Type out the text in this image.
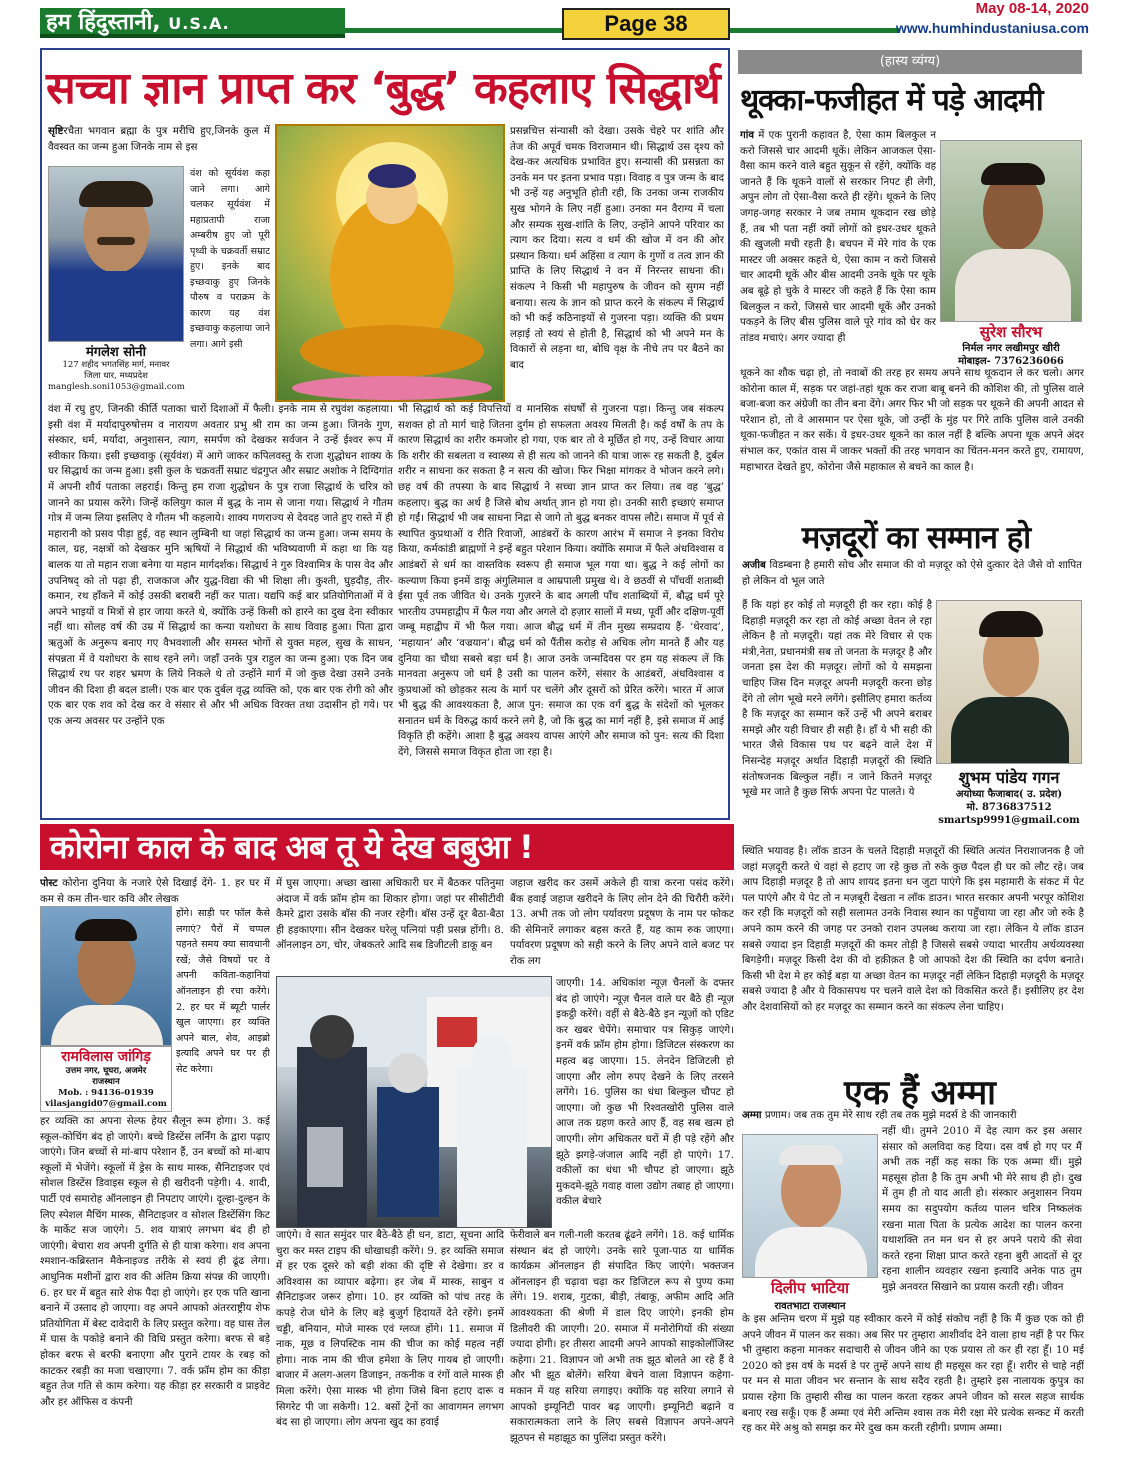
हम हिंदुस्तानी, U.S.A.	Page 38
May 08-14, 2020
www.humhindustaniusa.com
सच्चा ज्ञान प्राप्त कर ‘बुद्ध’ कहलाए सिद्धार्थ
सृष्टिरचैता भगवान ब्रह्मा के पुत्र मरीचि हुए,जिनके कुल में वैवस्वत का जन्म हुआ जिनके नाम से इस
मंगलेश सोनी
127 शहीद भगतसिंह मार्ग, मनावर
जिला धार, मध्यप्रदेश
manglesh.soni1053@gmail.com
वंश को सूर्यवंश कहा जाने लगा। आगे चलकर सूर्यवंश में महाप्रतापी राजा अम्बरीष हुए जो पूरी पृथ्वी के चक्रवर्ती सम्राट हुए। इनके बाद इच्छवाकु हुए जिनके पौरुष व पराक्रम के कारण यह वंश इच्छवाकु कहलाया जाने लगा। आगे इसी
प्रसन्नचित्त संन्यासी को देखा। उसके चेहरे पर शांति और तेज की अपूर्व चमक विराजमान थी। सिद्धार्थ उस दृश्य को देख-कर अत्यधिक प्रभावित हुए। सन्यासी की प्रसन्नता का उनके मन पर इतना प्रभाव पड़ा। विवाह व पुत्र जन्म के बाद भी उन्हें यह अनुभूति होती रही, कि उनका जन्म राजकीय सुख भोगने के लिए नहीं हुआ। उनका मन वैराग्य में चला और सम्यक सुख-शांति के लिए, उन्होंने आपने परिवार का त्याग कर दिया। सत्य व धर्म की खोज में वन की ओर प्रस्थान किया। धर्म अहिंसा व त्याग के गुणों व तत्व ज्ञान की प्राप्ति के लिए सिद्धार्थ ने वन में निरन्तर साधना की। संकल्प ने किसी भी महापुरुष के जीवन को सुगम नहीं बनाया। सत्य के ज्ञान को प्राप्त करने के संकल्प में सिद्धार्थ को भी कई कठिनाइयों से गुजरना पड़ा। व्यक्ति की प्रथम लड़ाई तो स्वयं से होती है, सिद्धार्थ को भी अपने मन के विकारों से लड़ना था, बोधि वृक्ष के नीचे तप पर बैठने का बाद
वंश में रघु हुए, जिनकी कीर्ति पताका चारों दिशाओं में फैली। इनके नाम से रघुवंश कहलाया। इसी वंश में मर्यादापुरुषोत्तम व नारायण अवतार प्रभु श्री राम का जन्म हुआ। जिनके गुण, संस्कार, धर्म, मर्यादा, अनुशासन, त्याग, समर्पण को देखकर सर्वजन ने उन्हें ईश्वर रूप में स्वीकार किया। इसी इच्छवाकु (सूर्यवंश) में आगे जाकर कपिलवस्तु के राजा शुद्धोधन शाक्य के घर सिद्धार्थ का जन्म हुआ। इसी कुल के चक्रवर्ती सम्राट चंद्रगुप्त और सम्राट अशोक ने दिग्दिगांत में अपनी शौर्य पताका लहराई। किन्तु हम राजा शुद्धोधन के पुत्र राजा सिद्धार्थ के चरित्र को जानने का प्रयास करेंगे। जिन्हें कलियुग काल में बुद्ध के नाम से जाना गया। सिद्धार्थ ने गौतम गोत्र में जन्म लिया इसलिए वे गौतम भी कहलाये। शाक्य गणराज्य से देवदह जाते हुए रास्ते में ही महारानी को प्रसव पीड़ा हुई, वह स्थान लुम्बिनी था जहां सिद्धार्थ का जन्म हुआ। जन्म समय के काल, ग्रह, नक्षत्रों को देखकर मुनि ऋषियों ने सिद्धार्थ की भविष्यवाणी में कहा था कि यह बालक या तो महान राजा बनेगा या महान मार्गदर्शक। सिद्धार्थ ने गुरु विश्वामित्र के पास वेद और उपनिषद् को तो पढ़ा ही, राजकाज और युद्ध-विद्या की भी शिक्षा ली। कुश्ती, घुड़दौड़, तीर-कमान, रथ हाँकने में कोई उसकी बराबरी नहीं कर पाता। यद्यपि कई बार प्रतियोगिताओं में वे अपने भाइयों व मित्रों से हार जाया करते थे, क्योंकि उन्हें किसी को हारने का दुख देना स्वीकार नहीं था। सोलह वर्ष की उम्र में सिद्धार्थ का कन्या यशोधरा के साथ विवाह हुआ। पिता द्वारा ऋतुओं के अनुरूप बनाए गए वैभवशाली और समस्त भोगों से युक्त महल, सुख के साधन, संपन्नता में वे यशोधरा के साथ रहने लगे। जहाँ उनके पुत्र राहुल का जन्म हुआ। एक दिन जब सिद्धार्थ रथ पर शहर भ्रमण के लिये निकले थे तो उन्होंने मार्ग में जो कुछ देखा उसने उनके जीवन की दिशा ही बदल डाली। एक बार एक दुर्बल वृद्ध व्यक्ति को, एक बार एक रोगी को और एक बार एक शव को देख कर वे संसार से और भी अधिक विरक्त तथा उदासीन हो गये। पर एक अन्य अवसर पर उन्होंने एक
भी सिद्धार्थ को कई विपत्तियों व मानसिक संघर्षों से गुजरना पड़ा। किन्तु जब संकल्प सशक्त हो तो मार्ग चाहे जितना दुर्गम हो सफलता अवश्य मिलती है। कई वर्षों के तप के कारण सिद्धार्थ का शरीर कमजोर हो गया, एक बार तो वे मूर्छित हो गए, उन्हें विचार आया कि शरीर की सबलता व स्वास्थ्य से ही सत्य को जानने की यात्रा जारू रह सकती है, दुर्बल शरीर न साधना कर सकता है न सत्य की खोज। फिर भिक्षा मांगकर वे भोजन करने लगे। छह वर्ष की तपस्या के बाद सिद्धार्थ ने सच्चा ज्ञान प्राप्त कर लिया। तब वह ‘बुद्ध’ कहलाए। बुद्ध का अर्थ है जिसे बोध अर्थात् ज्ञान हो गया हो। उनकी सारी इच्छाएं समाप्त हो गईं। सिद्धार्थ भी जब साधना निद्रा से जागे तो बुद्ध बनकर वापस लौटे। समाज में पूर्व से स्थापित कुप्रथाओं व रीति रिवाजों, आडंबरों के कारण आरंभ में समाज ने इनका विरोध किया, कर्मकांडी ब्राह्मणों ने इन्हें बहुत परेशान किया। क्योंकि समाज में फैले अंधविश्वास व आडंबरों से धर्म का वास्तविक स्वरूप ही समाज भूल गया था। बुद्ध ने कई लोगों का कल्याण किया इनमें डाकू अंगुलिमाल व आम्रपाली प्रमुख थे। वे छठवीं से पाँचवीं शताब्दी ईसा पूर्व तक जीवित थे। उनके गुज़रने के बाद अगली पाँच शताब्दियों में, बौद्ध धर्म पूरे भारतीय उपमहाद्वीप में फैल गया और अगले दो हज़ार सालों में मध्य, पूर्वी और दक्षिण-पूर्वी जम्बू महाद्वीप में भी फैल गया। आज बौद्ध धर्म में तीन मुख्य सम्प्रदाय हैं- ‘थेरवाद’, ‘महायान’ और ‘वज्रयान’। बौद्ध धर्म को पैंतीस करोड़ से अधिक लोग मानते हैं और यह दुनिया का चौथा सबसे बड़ा धर्म है। आज उनके जन्मदिवस पर हम यह संकल्प लें कि मानवता अनुरूप जो धर्म है उसी का पालन करेंगे, संसार के आडंबरों, अंधविश्वास व कुप्रथाओं को छोड़कर सत्य के मार्ग पर चलेंगे और दूसरों को प्रेरित करेंगे। भारत में आज भी बुद्ध की आवश्यकता है, आज पुन: समाज का एक वर्ग बुद्ध के संदेशों को भूलकर सनातन धर्म के विरुद्ध कार्य करने लगे है, जो कि बुद्ध का मार्ग नहीं है, इसे समाज में आई विकृति ही कहेंगे। आशा है बुद्ध अवश्य वापस आएंगे और समाज को पुन: सत्य की दिशा देंगे, जिससे समाज विकृत होता जा रहा है।
(हास्य व्यंग्य)
थूक्का-फजीहत में पड़े आदमी
गांव में एक पुरानी कहावत है, ऐसा काम बिलकुल न करो जिससे चार आदमी थूकें। लेकिन आजकल ऐसा-वैसा काम करने वाले बहुत सुकून से रहेंगे, क्योंकि वह जानते हैं कि थूकने वालों से सरकार निपट ही लेगी, अपुन लोग तो ऐसा-वैसा करते ही रहेंगे। थूकने के लिए जगह-जगह सरकार ने जब तमाम थूकदान रख छोड़े हैं, तब भी पता नहीं क्यों लोगों को इधर-उधर थूकते की खुजली मची रहती है। बचपन में मेरे गांव के एक मास्टर जी अक्सर कहते थे, ऐसा काम न करो जिससे चार आदमी थूकें और बीस आदमी उनके थूके पर थूके अब बूढ़े हो चुके वे मास्टर जी कहते हैं कि ऐसा काम बिलकुल न करो, जिससे चार आदमी थूकें और उनको पकड़ने के लिए बीस पुलिस वाले पूरे गांव को घेर कर तांडव मचाएं। अगर ज्यादा ही	सुरेश सौरभ
निर्मल नगर लखीमपुर खीरी
मोबाइल- 7376236066
थूकने का शौक चढ़ा हो, तो नवाबों की तरह हर समय अपने साथ थूकदान ले कर चलो। अगर कोरोना काल में, सड़क पर जहां-तहां थूक कर राजा बाबू बनने की कोशिश की, तो पुलिस वाले बजा-बजा कर अंग्रेजी का तीन बना देंगे। अगर फिर भी जो सड़क पर थूकने की अपनी आदत से परेशान हो, तो वे आसमान पर ऐसा थूके, जो उन्हीं के मुंह पर गिरे ताकि पुलिस वाले उनकी थूका-फजीहत न कर सकें। ये इधर-उधर थूकने का काल नहीं है बल्कि अपना थूक अपने अंदर संभाल कर, एकांत वास में जाकर भक्तों की तरह भगवान का चिंतन-मनन करते हुए, रामायण, महाभारत देखते हुए, कोरोना जैसे महाकाल से बचने का काल है।
मज़दूरों का सम्मान हो
अजीब विडम्बना है हमारी सोच और समाज की वो मज़दूर को ऐसे दुत्कार देते जैसे वो शापित हो लेकिन वो भूल जाते
हैं कि यहां हर कोई तो मज़दूरी ही कर रहा। कोई है दिहाड़ी मज़दूरी कर रहा तो कोई अच्छा वेतन ले रहा लेकिन है तो मज़दूरी। यहां तक मेरे विचार से एक मंत्री,नेता, प्रधानमंत्री सब तो जनता के मज़दूर है और जनता इस देश की मज़दूर। लोगों को ये समझना चाहिए जिस दिन मज़दूर अपनी मज़दूरी करना छोड़ देंगे तो लोग भूखे मरने लगेंगे। इसीलिए हमारा कर्तव्य है कि मज़दूर का सम्मान करें उन्हें भी अपने बराबर समझे और यही विचार ही सही है। हाँ ये भी सही की भारत जैसे विकास पथ पर बढ़ने वाले देश में निसन्देह मज़दूर अर्थात दिहाड़ी मज़दूरों की स्थिति संतोषजनक बिल्कुल नहीं। न जाने कितने मज़दूर भूखे मर जाते है कुछ सिर्फ अपना पेट पालते। ये
शुभम पांडेय गगन
अयोध्या फैजाबाद( उ. प्रदेश)
मो. 8736837512
smartsp9991@gmail.com
स्थिति भयावह है। लॉक डाउन के चलते दिहाड़ी मज़दूरों की स्थिति अत्यंत निराशाजनक है जो जहां मज़दूरी करते थे वहां से हटाए जा रहे कुछ तो रुके कुछ पैदल ही घर को लौट रहे। जब आप दिहाड़ी मज़दूर है तो आप शायद इतना धन जुटा पाएंगे कि इस महामारी के संकट में पेट पल पाएंगे और ये पेट तो न मज़बूरी देखता न लॉक डाउन। भारत सरकार अपनी भरपूर कोशिश कर रही कि मज़दूरों को सही सलामत उनके निवास स्थान का पहुँचाया जा रहा और जो रुके है अपने काम करने की जगह पर उनको राशन उपलब्ध कराया जा रहा। लेकिन ये लॉक डाउन सबसे ज्यादा इन दिहाड़ी मज़दूरों की कमर तोड़ी है जिससे सबसे ज्यादा भारतीय अर्थव्यवस्था बिगड़ेगी। मज़दूर किसी देश की वो हक़ीक़त है जो आपको देश की स्थिति का दर्पण बनाते। किसी भी देश मे हर कोई बड़ा या अच्छा वेतन का मज़दूर नहीं लेकिन दिहाड़ी मज़दूरी के मज़दूर सबसे ज्यादा है और ये विकासपथ पर चलने वाले देश को विकसित करते हैं। इसीलिए हर देश और देशवासियों को हर मज़दूर का सम्मान करने का संकल्प लेना चाहिए।
एक हैं अम्मा
अम्मा प्रणाम। जब तक तुम मेरे साथ रही तब तक मुझे मदर्स डे की जानकारी
दिलीप भाटिया
रावतभाटा राजस्थान
नहीं थी। तुमने 2010 में देह त्याग कर इस असार संसार को अलविदा कह दिया। दस वर्ष हो गए पर मैं अभी तक नहीं कह सका कि एक अम्मा थीं। मुझे महसूस होता है कि तुम अभी भी मेरे साथ ही हो। दुख में तुम ही तो याद आती हो। संस्कार अनुशासन नियम समय का सदुपयोग कर्तव्य पालन चरित्र निष्कलंक रखना माता पिता के प्रत्येक आदेश का पालन करना यथाशक्ति तन मन धन से हर अपने पराये की सेवा करते रहना शिक्षा प्राप्त करते रहना बुरी आदतों से दूर रहना शालीन व्यवहार रखना इत्यादि अनेक पाठ तुम मुझे अनवरत सिखाने का प्रयास करती रही। जीवन
के इस अन्तिम चरण में मुझे यह स्वीकार करने में कोई संकोच नहीं है कि मैं कुछ एक को ही अपने जीवन में पालन कर सका। अब सिर पर तुम्हारा आशीर्वाद देने वाला हाथ नहीं है पर फिर भी तुम्हारा कहना मानकर सदाचारी से जीवन जीने का एक प्रयास तो कर ही रहा हूँ। 10 मई 2020 को इस वर्ष के मदर्स डे पर तुम्हें अपने साथ ही महसूस कर रहा हूँ। शरीर से चाहे नहीं पर मन से माता जीवन भर सन्तान के साथ सदैव रहती है। तुम्हारे इस नालायक कुपुत्र का प्रयास रहेगा कि तुम्हारी सीख का पालन करता रहकर अपने जीवन को सरल सहज सार्थक बनाए रख सकूँ। एक हैं अम्मा एवं मेरी अन्तिम श्वास तक मेरी रक्षा मेरे प्रत्येक सन्कट में करती रह कर मेरे अश्रु को समझ कर मेरे दुख कम करती रहीगी। प्रणाम अम्मा।
कोरोना काल के बाद अब तू ये देख बबुआ !
पोस्ट कोरोना दुनिया के नजारे ऐसे दिखाई देंगे- 1. हर घर में कम से कम तीन-चार कवि और लेखक
रामविलास जांगिड़
उत्तम नगर, घूघरा, अजमेर
राजस्थान
Mob. : 94136-01939
vilasjangid07@gmail.com
होंगे। साड़ी पर फॉल कैसे लगाएं? पैरों में चप्पल पहनते समय क्या सावधानी रखें; जैसे विषयों पर वे अपनी कविता-कहानियां ऑनलाइन ही रचा करेंगे। 2. हर घर में ब्यूटी पार्लर खुल जाएगा। हर व्यक्ति अपने बाल, शेव, आइब्रो इत्यादि अपने घर पर ही सेट करेगा।
हर व्यक्ति का अपना सेल्फ हेयर सैलून रूम होगा। 3. कई स्कूल-कोचिंग बंद हो जाएंगे। बच्चे डिस्टेंस लर्निंग के द्वारा पढ़ाए जाएंगे। जिन बच्चों से मां-बाप परेशान हैं, उन बच्चों को मां-बाप स्कूलों में भेजेंगे। स्कूलों में ड्रेस के साथ मास्क, सैनिटाइजर एवं सोशल डिस्टेंस डिवाइस स्कूल से ही खरीदनी पड़ेगी। 4. शादी, पार्टी एवं समारोह ऑनलाइन ही निपटाए जाएंगे। दूल्हा-दुल्हन के लिए स्पेशल मैचिंग मास्क, सैनिटाइजर व सोशल डिस्टेंसिंग किट के मार्केट सज जाएंगे। 5. शव यात्राएं लगभग बंद ही हो जाएंगी। बेचारा शव अपनी दुर्गति से ही यात्रा करेगा। शव अपना श्मशान-कब्रिस्तान मैकेनाइज्ड तरीके से स्वयं ही ढूंढ लेगा। आधुनिक मशीनों द्वारा शव की अंतिम क्रिया संपन्न की जाएगी। 6. हर घर में बहुत सारे शेफ पैदा हो जाएंगे। हर एक पति खाना बनाने में उस्ताद हो जाएगा। वह अपने आपको अंतरराष्ट्रीय शेफ प्रतियोगिता में बेस्ट दावेदारी के लिए प्रस्तुत करेगा। वह घास तेल में घास के पकोड़े बनाने की विधि प्रस्तुत करेगा। बरफ से बड़े होकर बरफ से बरफी बनाएगा और पुराने टायर के रबड़ को काटकर रबड़ी का मजा चखाएगा। 7. वर्क फ्रॉम होम का कीड़ा बहुत तेज गति से काम करेगा। यह कीड़ा हर सरकारी व प्राइवेट और हर ऑफिस व कंपनी
में घुस जाएगा। अच्छा खासा अधिकारी घर में बैठकर पतिनुमा अंदाज में वर्क फ्रॉम होम का शिकार होगा। जहां पर सीसीटीवी कैमरे द्वारा उसके बॉस की नजर रहेगी। बॉस उन्हें दूर बैठा-बैठा ही हड़काएगा। सीन देखकर घरेलू पत्नियां पड़ी प्रसन्न होंगी। 8. ऑनलाइन ठग, चोर, जेबकतरे आदि सब डिजीटली डाकू बन
जाएंगे। वे सात समुंदर पार बैठे-बैठे ही धन, डाटा, सूचना आदि चुरा कर मस्त टाइप की धोखाधड़ी करेंगे। 9. हर व्यक्ति समाज में हर एक दूसरे को बड़ी शंका की दृष्टि से देखेगा। डर व अविश्वास का व्यापार बढ़ेगा। हर जेब में मास्क, साबुन व सैनिटाइजर जरूर होगा। 10. हर व्यक्ति को पांच तरह के कपड़े रोज धोने के लिए बड़े बुजुर्ग हिदायतें देते रहेंगे। इनमें चड्डी, बनियान, मोजे मास्क एवं ग्लव्ज होंगे। 11. समाज में नाक, मूछ व लिपस्टिक नाम की चीज का कोई महत्व नहीं होगा। नाक नाम की चीज हमेशा के लिए गायब हो जाएगी। बाजार में अलग-अलग डिजाइन, तकनीक व रंगों वाले मास्क ही मिला करेंगे। ऐसा मास्क भी होगा जिसे बिना हटाए दारू व सिगरेट पी जा सकेगी। 12. बसों ट्रेनों का आवागमन लगभग बंद सा हो जाएगा। लोग अपना खुद का हवाई
जहाज खरीद कर उसमें अकेले ही यात्रा करना पसंद करेंगे। बैंक हवाई जहाज खरीदने के लिए लोन देने की चिरौरी करेंगे। 13. अभी तक जो लोग पर्यावरण प्रदूषण के नाम पर फोकट की सेमिनारें लगाकर बहस करते हैं, यह काम रुक जाएगा। पर्यावरण प्रदूषण को सही करने के लिए अपने वाले बजट पर रोक लग
जाएगी। 14. अधिकांश न्यूज़ चैनलों के दफ्तर बंद हो जाएंगे। न्यूज़ चैनल वाले घर बैठे ही न्यूज़ इकट्ठी करेंगे। वहीं से बैठे-बैठे इन न्यूज़ों को एडिट कर खबर चेपेंगे। समाचार पत्र सिकुड़ जाएंगे। इनमें वर्क फ्रॉम होम होगा। डिजिटल संस्करण का महत्व बढ़ जाएगा। 15. लेनदेन डिजिटली हो जाएगा और लोग रुपए देखने के लिए तरसने लगेंगे। 16. पुलिस का धंधा बिल्कुल चौपट हो जाएगा। जो कुछ भी रिश्वतखोरी पुलिस वाले आज तक ग्रहण करते आए हैं, वह सब खत्म हो जाएगी। लोग अधिकतर घरों में ही पड़े रहेंगे और झूठे झगड़े-जंजाल आदि नहीं हो पाएंगे। 17. वकीलों का धंधा भी चौपट हो जाएगा। झूठे मुकदमे-झूठे गवाह वाला उद्योग तबाह हो जाएगा। वकील बेचारे
फेरीवाले बन गली-गली करतब ढूंढने लगेंगे। 18. कई धार्मिक संस्थान बंद हो जाएंगे। उनके सारे पूजा-पाठ या धार्मिक कार्यक्रम ऑनलाइन ही संपादित किए जाएंगे। भक्तजन ऑनलाइन ही चढ़ावा चढ़ा कर डिजिटल रूप से पुण्य कमा लेंगे। 19. शराब, गुटका, बीड़ी, तंबाकू, अफीम आदि अति आवश्यकता की श्रेणी में डाल दिए जाएंगे। इनकी होम डिलीवरी की जाएगी। 20. समाज में मनोरोगियों की संख्या ज्यादा होगी। हर तीसरा आदमी अपने आपको साइकोलॉजिस्ट कहेगा। 21. विज्ञापन जो अभी तक झूठ बोलते आ रहे हैं वे और भी झूठ बोलेंगे। सरिया बेचने वाला विज्ञापन कहेगा- मकान में यह सरिया लगाइए। क्योंकि यह सरिया लगाने से आपको इम्यूनिटी पावर बढ़ जाएगी। इम्यूनिटी बढ़ाने व सकारात्मकता लाने के लिए सबसे विज्ञापन अपने-अपने झूठपन से महाझूठ का पुलिंदा प्रस्तुत करेंगे।
